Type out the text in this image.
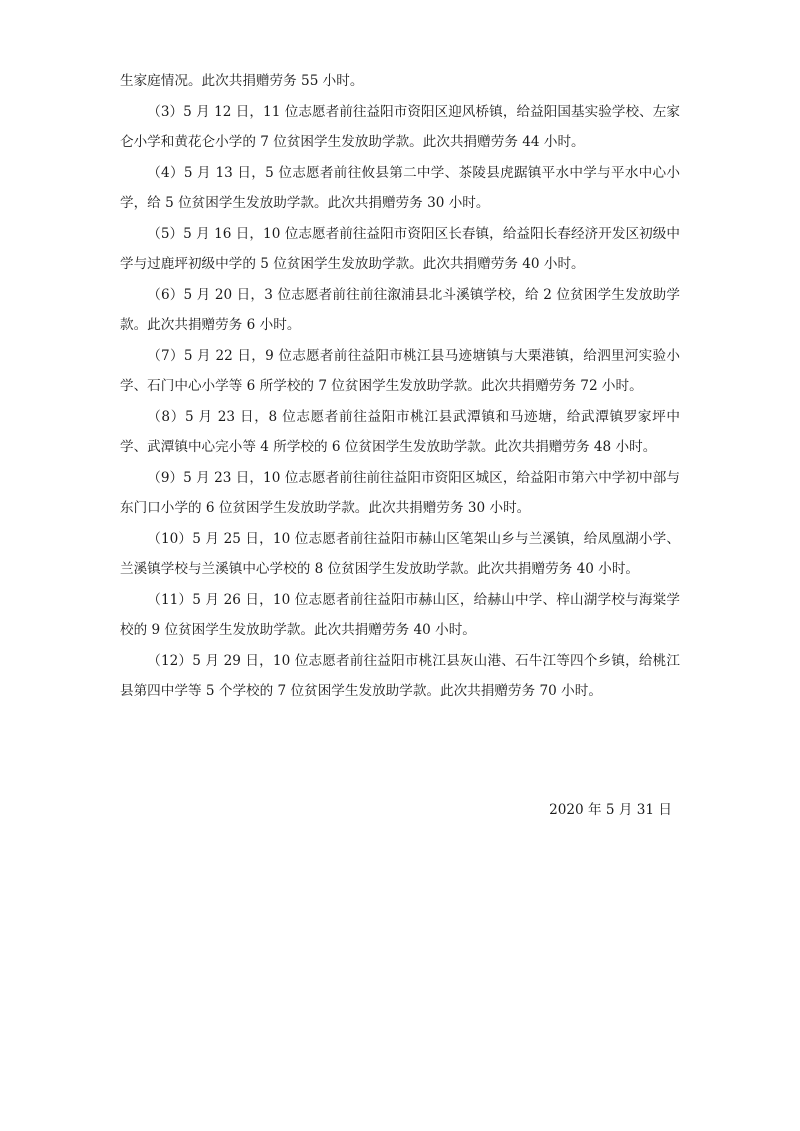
生家庭情况。此次共捐赠劳务 55 小时。

（3）5 月 12 日，11 位志愿者前往益阳市资阳区迎风桥镇，给益阳国基实验学校、左家仑小学和黄花仑小学的 7 位贫困学生发放助学款。此次共捐赠劳务 44 小时。

（4）5 月 13 日，5 位志愿者前往攸县第二中学、茶陵县虎踞镇平水中学与平水中心小学，给 5 位贫困学生发放助学款。此次共捐赠劳务 30 小时。

（5）5 月 16 日，10 位志愿者前往益阳市资阳区长春镇，给益阳长春经济开发区初级中学与过鹿坪初级中学的 5 位贫困学生发放助学款。此次共捐赠劳务 40 小时。

（6）5 月 20 日，3 位志愿者前往前往溆浦县北斗溪镇学校，给 2 位贫困学生发放助学款。此次共捐赠劳务 6 小时。

（7）5 月 22 日，9 位志愿者前往益阳市桃江县马迹塘镇与大栗港镇，给泗里河实验小学、石门中心小学等 6 所学校的 7 位贫困学生发放助学款。此次共捐赠劳务 72 小时。

（8）5 月 23 日，8 位志愿者前往益阳市桃江县武潭镇和马迹塘，给武潭镇罗家坪中学、武潭镇中心完小等 4 所学校的 6 位贫困学生发放助学款。此次共捐赠劳务 48 小时。

（9）5 月 23 日，10 位志愿者前往前往益阳市资阳区城区，给益阳市第六中学初中部与东门口小学的 6 位贫困学生发放助学款。此次共捐赠劳务 30 小时。

（10）5 月 25 日，10 位志愿者前往益阳市赫山区笔架山乡与兰溪镇，给凤凰湖小学、兰溪镇学校与兰溪镇中心学校的 8 位贫困学生发放助学款。此次共捐赠劳务 40 小时。

（11）5 月 26 日，10 位志愿者前往益阳市赫山区，给赫山中学、梓山湖学校与海棠学校的 9 位贫困学生发放助学款。此次共捐赠劳务 40 小时。

（12）5 月 29 日，10 位志愿者前往益阳市桃江县灰山港、石牛江等四个乡镇，给桃江县第四中学等 5 个学校的 7 位贫困学生发放助学款。此次共捐赠劳务 70 小时。

2020 年 5 月 31 日
